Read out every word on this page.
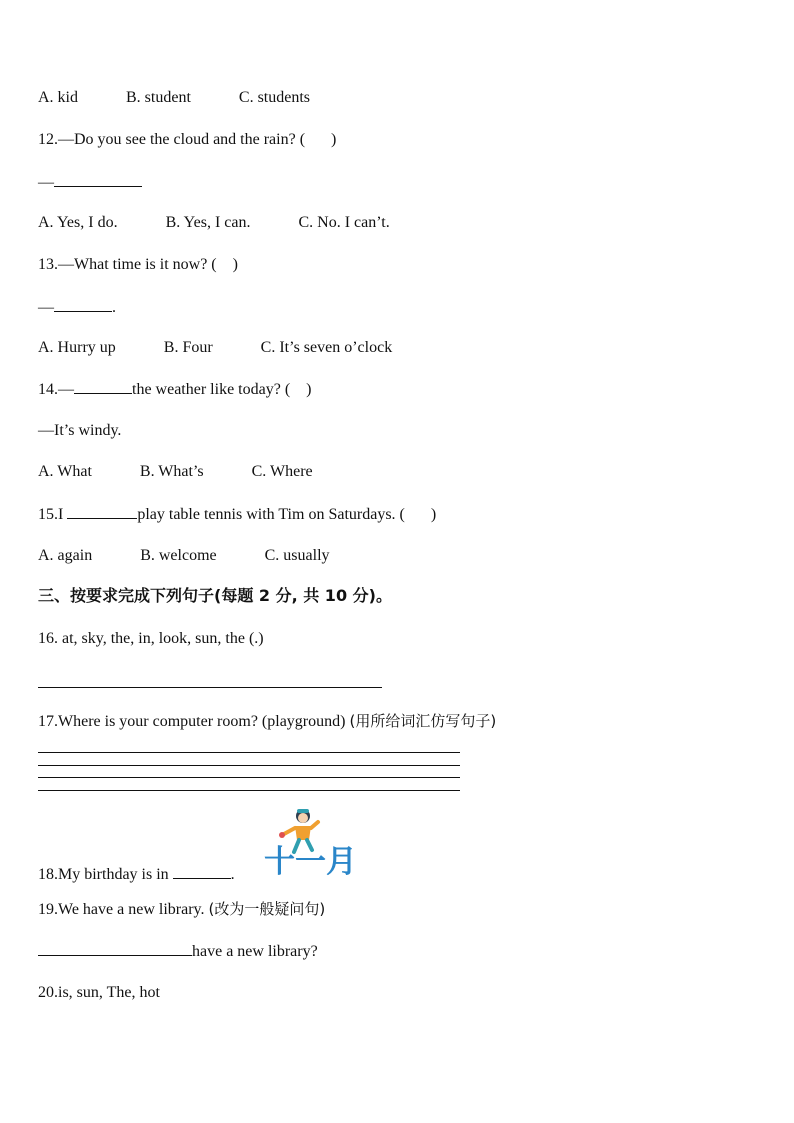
A. kid	B. student	C. students
12.—Do you see the cloud and the rain? ( )
—
A. Yes, I do.	B. Yes, I can.	C. No. I can’t.
13.—What time is it now? ( )
—	.
A. Hurry up	B. Four	C. It’s seven o’clock
14.—	the weather like today? ( )
—It’s windy.
A. What	B. What’s	C. Where
15.I	play table tennis with Tim on Saturdays. ( )
A. again	B. welcome	C. usually
三、按要求完成下列句子(每题 2 分, 共 10 分)。
16. at, sky, the, in, look, sun, the (.)
17.Where is your computer room? (playground) (用所给词汇仿写句子)
十一月
18.My birthday is in	.
19.We have a new library. (改为一般疑问句)
have a new library?
20.is, sun, The, hot
